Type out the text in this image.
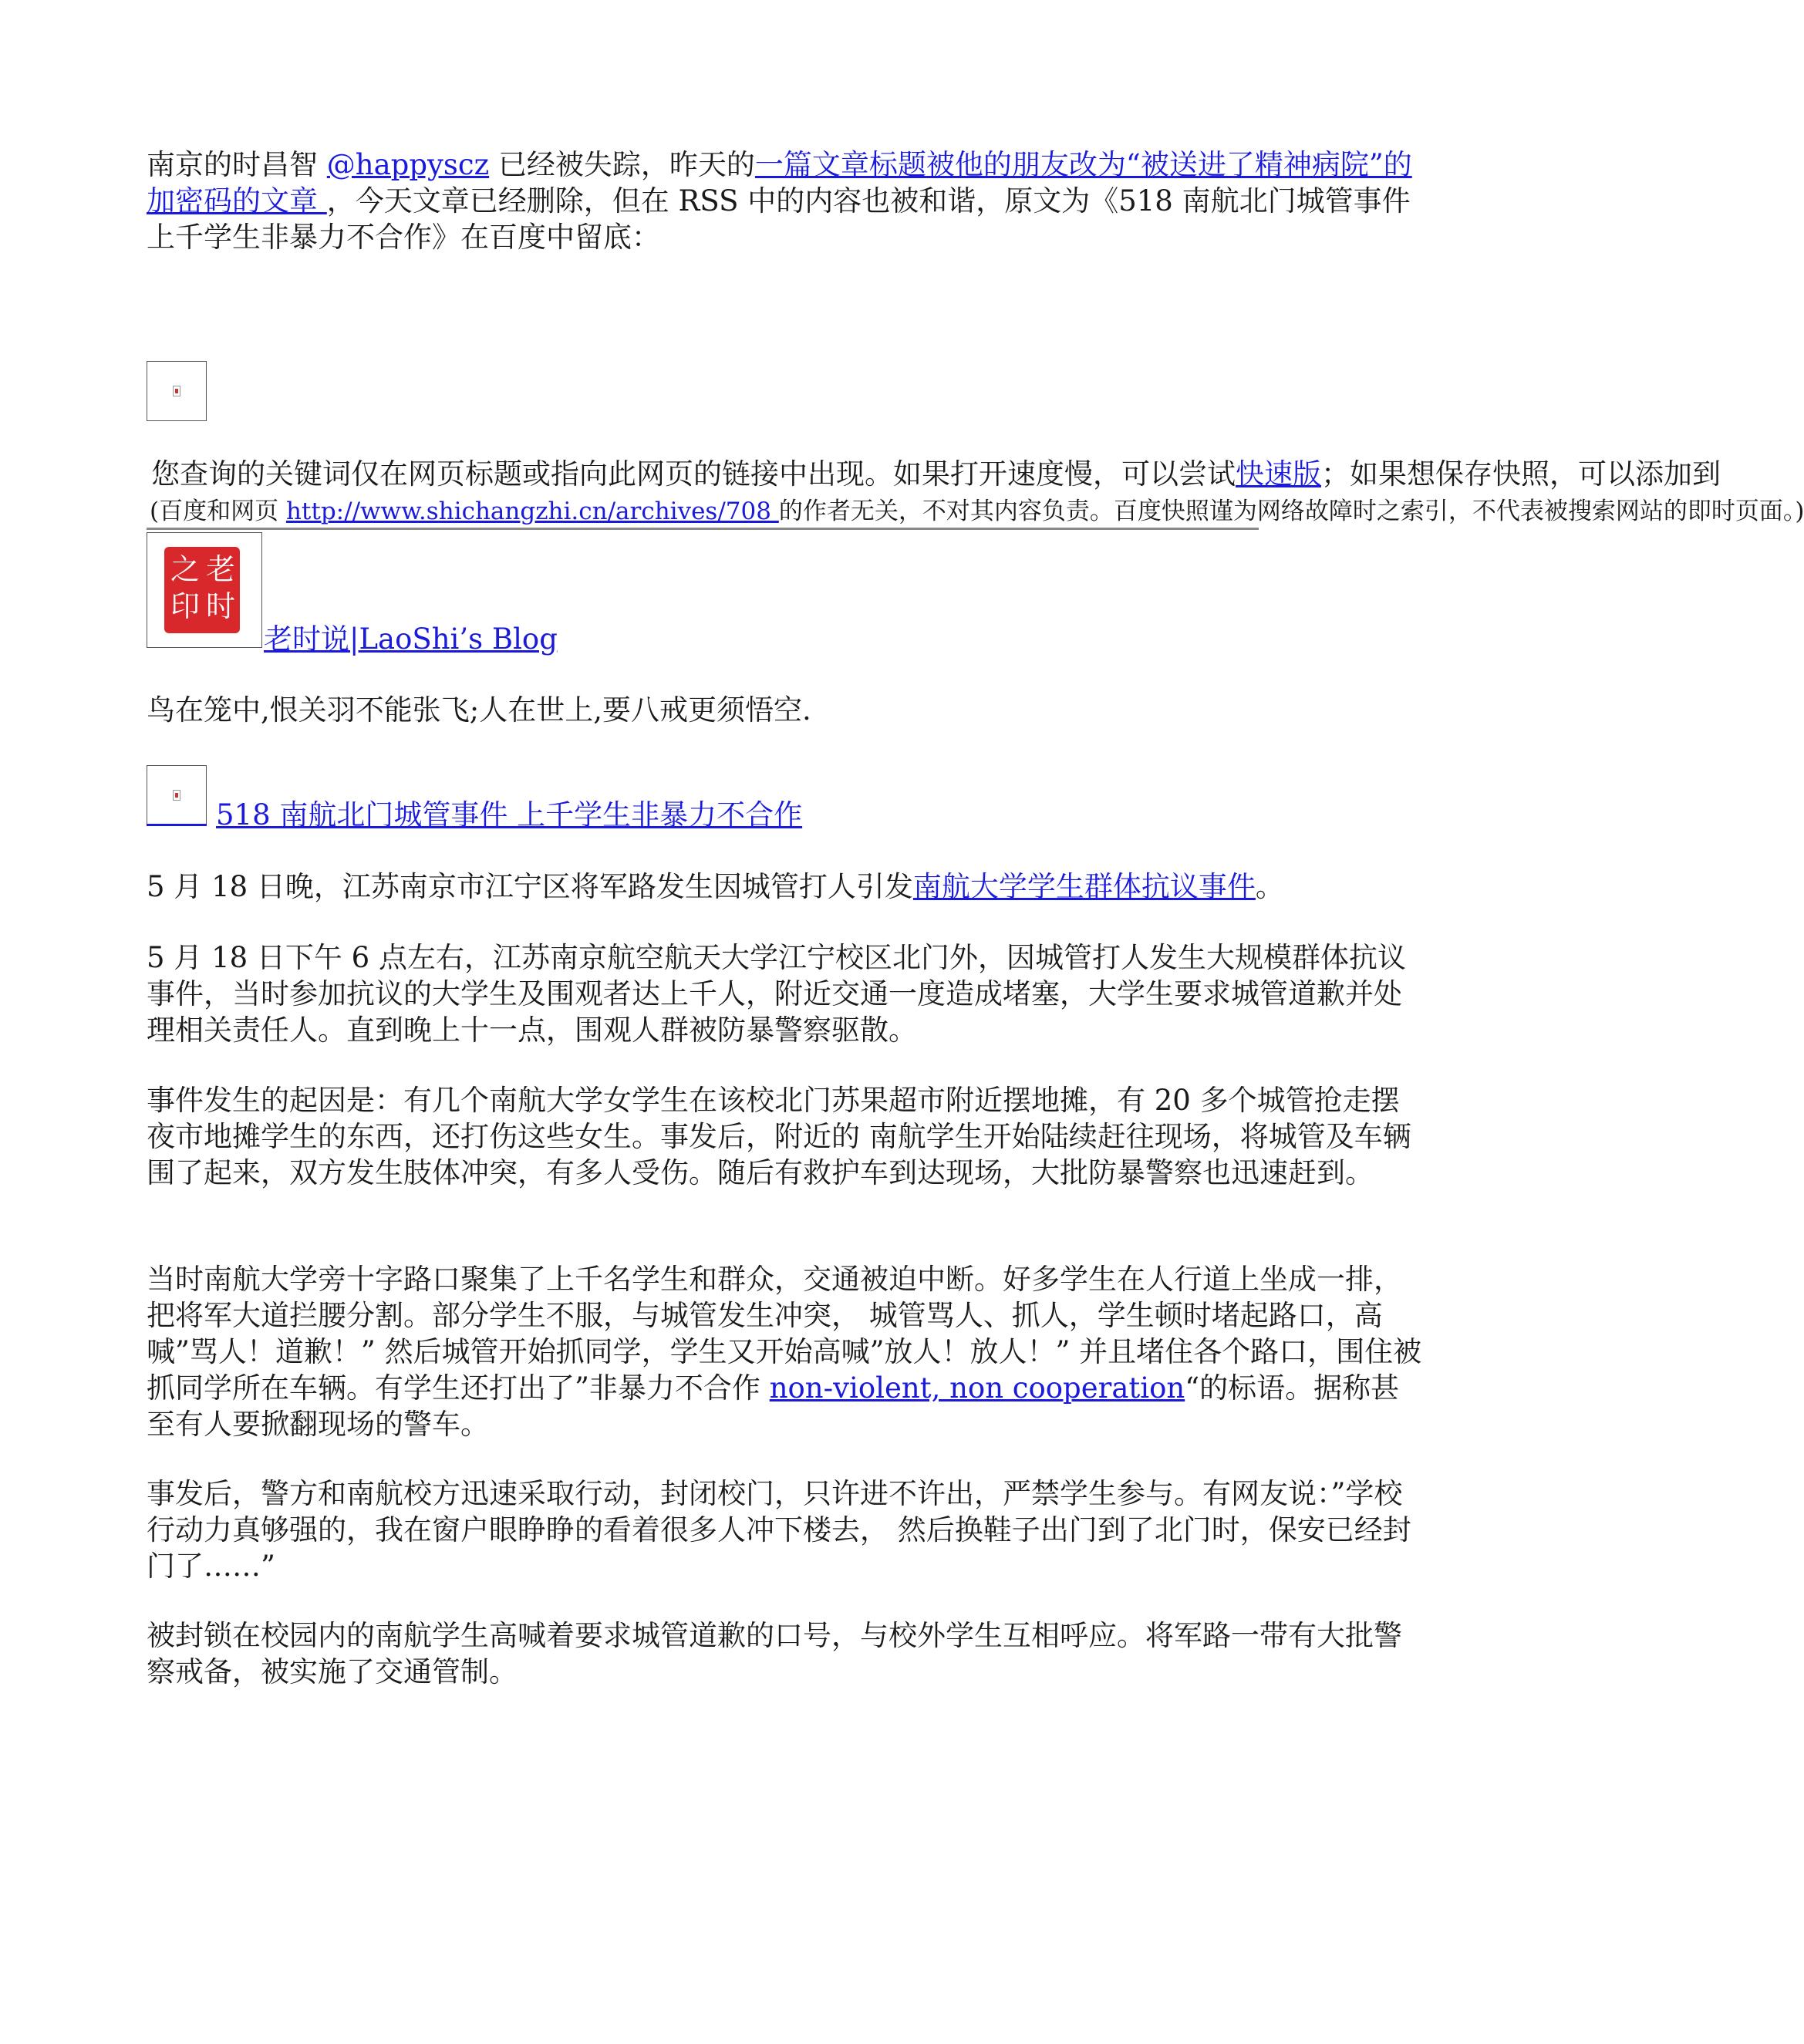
南京的时昌智 @happyscz 已经被失踪，昨天的一篇文章标题被他的朋友改为“被送进了精神病院”的加密码的文章 ，今天文章已经删除，但在 RSS 中的内容也被和谐，原文为《518 南航北门城管事件 上千学生非暴力不合作》在百度中留底：
您查询的关键词仅在网页标题或指向此网页的链接中出现。如果打开速度慢，可以尝试快速版；如果想保存快照，可以添加到
(百度和网页 http://www.shichangzhi.cn/archives/708 的作者无关，不对其内容负责。百度快照谨为网络故障时之索引，不代表被搜索网站的即时页面。)
老
时
之
印
老时说|LaoShi’s Blog
鸟在笼中,恨关羽不能张飞;人在世上,要八戒更须悟空.
518 南航北门城管事件 上千学生非暴力不合作
5 月 18 日晚，江苏南京市江宁区将军路发生因城管打人引发南航大学学生群体抗议事件。
5 月 18 日下午 6 点左右，江苏南京航空航天大学江宁校区北门外，因城管打人发生大规模群体抗议事件，当时参加抗议的大学生及围观者达上千人，附近交通一度造成堵塞，大学生要求城管道歉并处理相关责任人。直到晚上十一点，围观人群被防暴警察驱散。
事件发生的起因是：有几个南航大学女学生在该校北门苏果超市附近摆地摊，有 20 多个城管抢走摆夜市地摊学生的东西，还打伤这些女生。事发后，附近的 南航学生开始陆续赶往现场，将城管及车辆围了起来，双方发生肢体冲突，有多人受伤。随后有救护车到达现场，大批防暴警察也迅速赶到。
当时南航大学旁十字路口聚集了上千名学生和群众，交通被迫中断。好多学生在人行道上坐成一排，把将军大道拦腰分割。部分学生不服，与城管发生冲突， 城管骂人、抓人，学生顿时堵起路口，高喊”骂人！道歉！” 然后城管开始抓同学，学生又开始高喊”放人！放人！” 并且堵住各个路口，围住被抓同学所在车辆。有学生还打出了”非暴力不合作 non-violent, non cooperation“的标语。据称甚至有人要掀翻现场的警车。
事发后，警方和南航校方迅速采取行动，封闭校门，只许进不许出，严禁学生参与。有网友说：”学校行动力真够强的，我在窗户眼睁睁的看着很多人冲下楼去， 然后换鞋子出门到了北门时，保安已经封门了……”
被封锁在校园内的南航学生高喊着要求城管道歉的口号，与校外学生互相呼应。将军路一带有大批警察戒备，被实施了交通管制。
